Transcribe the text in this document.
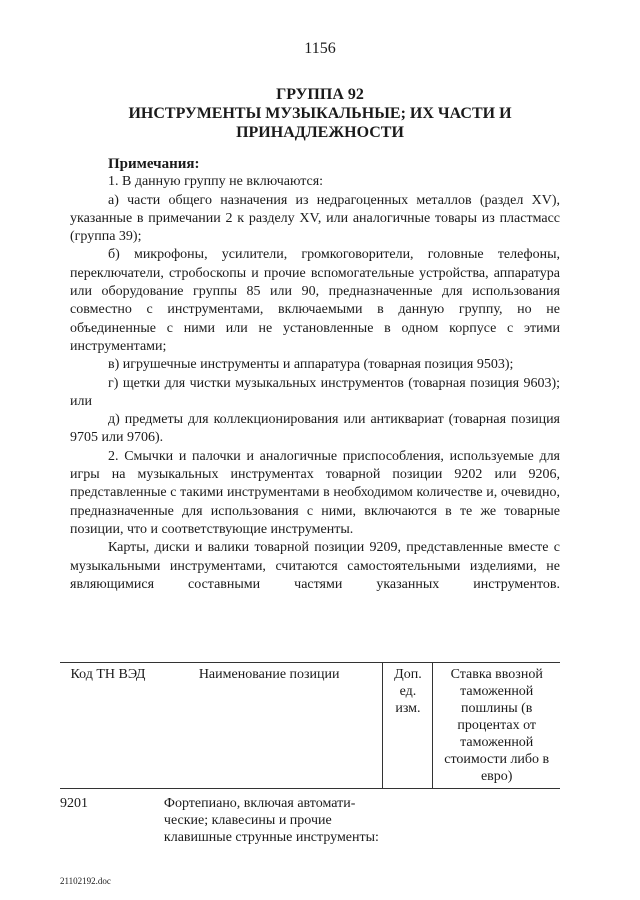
1156
ГРУППА 92
ИНСТРУМЕНТЫ МУЗЫКАЛЬНЫЕ; ИХ ЧАСТИ И
ПРИНАДЛЕЖНОСТИ
Примечания:

1. В данную группу не включаются:

а) части общего назначения из недрагоценных металлов (раздел XV), указанные в примечании 2 к разделу XV, или аналогичные товары из пластмасс (группа 39);

б) микрофоны, усилители, громкоговорители, головные телефоны, переключатели, стробоскопы и прочие вспомогательные устройства, аппаратура или оборудование группы 85 или 90, предназначенные для использования совместно с инструментами, включаемыми в данную группу, но не объединенные с ними или не установленные в одном корпусе с этими инструментами;

в) игрушечные инструменты и аппаратура (товарная позиция 9503);

г) щетки для чистки музыкальных инструментов (товарная позиция 9603); или

д) предметы для коллекционирования или антиквариат (товарная позиция 9705 или 9706).

2. Смычки и палочки и аналогичные приспособления, используемые для игры на музыкальных инструментах товарной позиции 9202 или 9206, представленные с такими инструментами в необходимом количестве и, очевидно, предназначенные для использования с ними, включаются в те же товарные позиции, что и соответствующие инструменты.

Карты, диски и валики товарной позиции 9209, представленные вместе с музыкальными инструментами, считаются самостоятельными изделиями, не являющимися составными частями указанных инструментов.

Код ТН ВЭД	Наименование позиции	Доп. ед. изм.	Ставка ввозной таможенной пошлины (в процентах от таможенной стоимости либо в евро)
9201	Фортепиано, включая автомати-ческие; клавесины и прочие клавишные струнные инструменты:		
21102192.doc
